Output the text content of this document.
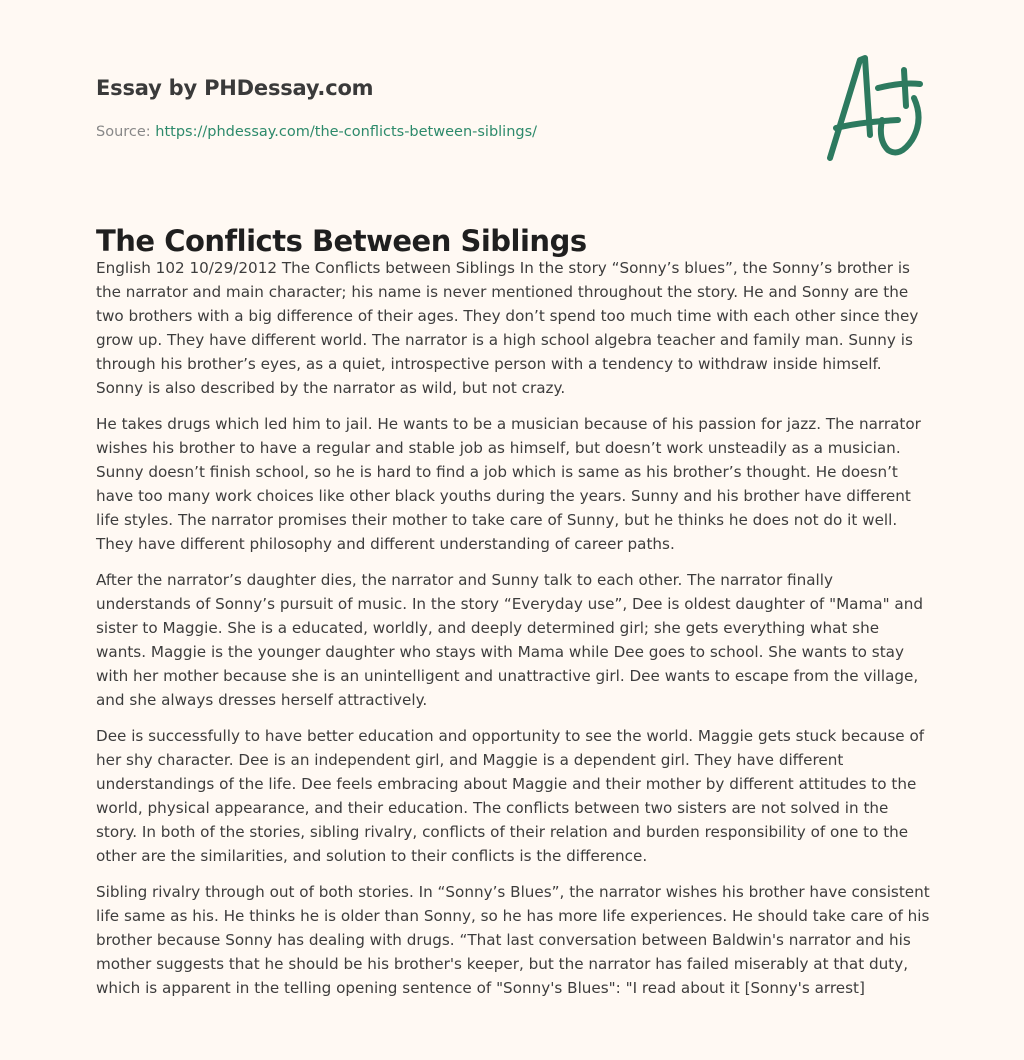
Essay by PHDessay.com

Source: https://phdessay.com/the-conflicts-between-siblings/
The Conflicts Between Siblings

English 102 10/29/2012 The Conflicts between Siblings In the story “Sonny’s blues”, the Sonny’s brother is the narrator and main character; his name is never mentioned throughout the story. He and Sonny are the two brothers with a big difference of their ages. They don’t spend too much time with each other since they grow up. They have different world. The narrator is a high school algebra teacher and family man. Sunny is through his brother’s eyes, as a quiet, introspective person with a tendency to withdraw inside himself. Sonny is also described by the narrator as wild, but not crazy.

He takes drugs which led him to jail. He wants to be a musician because of his passion for jazz. The narrator wishes his brother to have a regular and stable job as himself, but doesn’t work unsteadily as a musician. Sunny doesn’t finish school, so he is hard to find a job which is same as his brother’s thought. He doesn’t have too many work choices like other black youths during the years. Sunny and his brother have different life styles. The narrator promises their mother to take care of Sunny, but he thinks he does not do it well. They have different philosophy and different understanding of career paths.

After the narrator’s daughter dies, the narrator and Sunny talk to each other. The narrator finally understands of Sonny’s pursuit of music. In the story “Everyday use”, Dee is oldest daughter of "Mama" and sister to Maggie. She is a educated, worldly, and deeply determined girl; she gets everything what she wants. Maggie is the younger daughter who stays with Mama while Dee goes to school. She wants to stay with her mother because she is an unintelligent and unattractive girl. Dee wants to escape from the village, and she always dresses herself attractively.

Dee is successfully to have better education and opportunity to see the world. Maggie gets stuck because of her shy character. Dee is an independent girl, and Maggie is a dependent girl. They have different understandings of the life. Dee feels embracing about Maggie and their mother by different attitudes to the world, physical appearance, and their education. The conflicts between two sisters are not solved in the story. In both of the stories, sibling rivalry, conflicts of their relation and burden responsibility of one to the other are the similarities, and solution to their conflicts is the difference.

Sibling rivalry through out of both stories. In “Sonny’s Blues”, the narrator wishes his brother have consistent life same as his. He thinks he is older than Sonny, so he has more life experiences. He should take care of his brother because Sonny has dealing with drugs. “That last conversation between Baldwin's narrator and his mother suggests that he should be his brother's keeper, but the narrator has failed miserably at that duty, which is apparent in the telling opening sentence of "Sonny's Blues": "I read about it [Sonny's arrest]
